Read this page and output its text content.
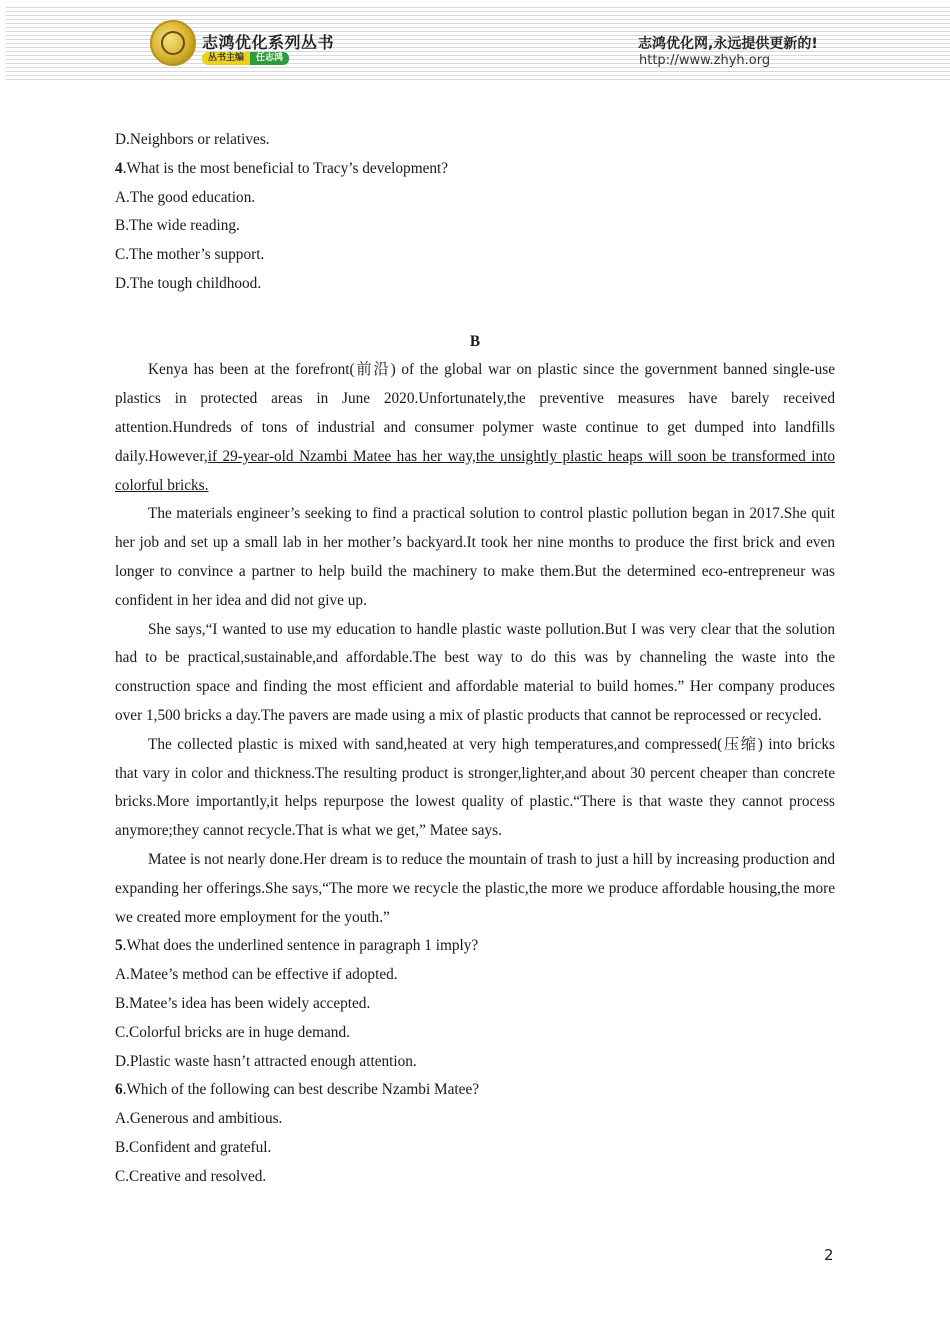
志鸿优化系列丛书
丛书主编	任志鸿
志鸿优化网,永远提供更新的!
http://www.zhyh.org
D.Neighbors or relatives.
4.What is the most beneficial to Tracy’s development?
A.The good education.
B.The wide reading.
C.The mother’s support.
D.The tough childhood.
B

Kenya has been at the forefront(前沿) of the global war on plastic since the government banned single-use plastics in protected areas in June 2020.Unfortunately,the preventive measures have barely received attention.Hundreds of tons of industrial and consumer polymer waste continue to get dumped into landfills daily.However,if 29-year-old Nzambi Matee has her way,the unsightly plastic heaps will soon be transformed into colorful bricks.

The materials engineer’s seeking to find a practical solution to control plastic pollution began in 2017.She quit her job and set up a small lab in her mother’s backyard.It took her nine months to produce the first brick and even longer to convince a partner to help build the machinery to make them.But the determined eco-entrepreneur was confident in her idea and did not give up.

She says,“I wanted to use my education to handle plastic waste pollution.But I was very clear that the solution had to be practical,sustainable,and affordable.The best way to do this was by channeling the waste into the construction space and finding the most efficient and affordable material to build homes.” Her company produces over 1,500 bricks a day.The pavers are made using a mix of plastic products that cannot be reprocessed or recycled.

The collected plastic is mixed with sand,heated at very high temperatures,and compressed(压缩) into bricks that vary in color and thickness.The resulting product is stronger,lighter,and about 30 percent cheaper than concrete bricks.More importantly,it helps repurpose the lowest quality of plastic.“There is that waste they cannot process anymore;they cannot recycle.That is what we get,” Matee says.

Matee is not nearly done.Her dream is to reduce the mountain of trash to just a hill by increasing production and expanding her offerings.She says,“The more we recycle the plastic,the more we produce affordable housing,the more we created more employment for the youth.”

5.What does the underlined sentence in paragraph 1 imply?
A.Matee’s method can be effective if adopted.
B.Matee’s idea has been widely accepted.
C.Colorful bricks are in huge demand.
D.Plastic waste hasn’t attracted enough attention.
6.Which of the following can best describe Nzambi Matee?
A.Generous and ambitious.
B.Confident and grateful.
C.Creative and resolved.
2
